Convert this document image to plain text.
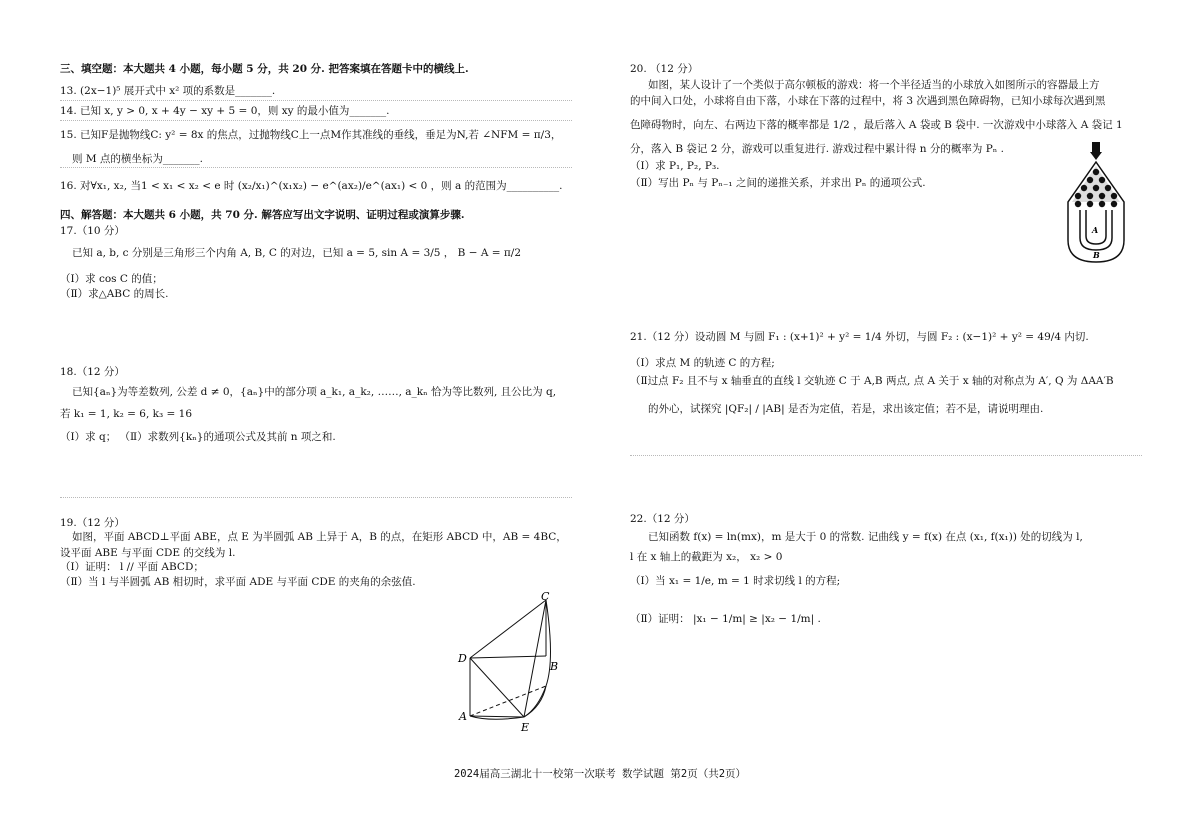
三、填空题：本大题共 4 小题，每小题 5 分，共 20 分. 把答案填在答题卡中的横线上.
13. (2x−1)⁵ 展开式中 x² 项的系数是_______.
14. 已知 x, y > 0, x + 4y − xy + 5 = 0，则 xy 的最小值为_______.
15. 已知F是抛物线C: y² = 8x 的焦点，过抛物线C上一点M作其准线的垂线，垂足为N,若 ∠NFM = π/3，
则 M 点的横坐标为_______.
16. 对∀x₁, x₂, 当1 < x₁ < x₂ < e 时 (x₂/x₁)^(x₁x₂) − e^(ax₂)/e^(ax₁) < 0 ，则 a 的范围为__________.
四、解答题：本大题共 6 小题，共 70 分. 解答应写出文字说明、证明过程或演算步骤.
17.（10 分）
已知 a, b, c 分别是三角形三个内角 A, B, C 的对边，已知 a = 5, sin A = 3/5 ， B − A = π/2
（Ⅰ）求 cos C 的值；
（Ⅱ）求△ABC 的周长.
18.（12 分）
已知{aₙ}为等差数列, 公差 d ≠ 0，{aₙ}中的部分项 a_k₁, a_k₂, ……, a_kₙ 恰为等比数列, 且公比为 q,
若 k₁ = 1, k₂ = 6, k₃ = 16
（Ⅰ）求 q； （Ⅱ）求数列{kₙ}的通项公式及其前 n 项之和.
19.（12 分）
如图，平面 ABCD⊥平面 ABE，点 E 为半圆弧 AB 上异于 A，B 的点，在矩形 ABCD 中，AB = 4BC，
设平面 ABE 与平面 CDE 的交线为 l.
（Ⅰ）证明： l // 平面 ABCD；
（Ⅱ）当 l 与半圆弧 AB 相切时，求平面 ADE 与平面 CDE 的夹角的余弦值.
C
D
B
A
E
20. （12 分）
如图，某人设计了一个类似于高尔顿板的游戏：将一个半径适当的小球放入如图所示的容器最上方
的中间入口处，小球将自由下落，小球在下落的过程中，将 3 次遇到黑色障碍物，已知小球每次遇到黑
色障碍物时，向左、右两边下落的概率都是 1/2 ，最后落入 A 袋或 B 袋中. 一次游戏中小球落入 A 袋记 1
分，落入 B 袋记 2 分，游戏可以重复进行. 游戏过程中累计得 n 分的概率为 Pₙ .
（Ⅰ）求 P₁, P₂, P₃.
（Ⅱ）写出 Pₙ 与 Pₙ₋₁ 之间的递推关系，并求出 Pₙ 的通项公式.
21.（12 分）设动圆 M 与圆 F₁ : (x+1)² + y² = 1/4 外切，与圆 F₂ : (x−1)² + y² = 49/4 内切.
（Ⅰ）求点 M 的轨迹 C 的方程;
（Ⅱ过点 F₂ 且不与 x 轴垂直的直线 l 交轨迹 C 于 A,B 两点, 点 A 关于 x 轴的对称点为 A′, Q 为 ΔAA′B
的外心，试探究 |QF₂| / |AB| 是否为定值，若是，求出该定值；若不是，请说明理由.
22.（12 分）
已知函数 f(x) = ln(mx)，m 是大于 0 的常数. 记曲线 y = f(x) 在点 (x₁, f(x₁)) 处的切线为 l,
l 在 x 轴上的截距为 x₂， x₂ > 0
（Ⅰ）当 x₁ = 1/e, m = 1 时求切线 l 的方程;
（Ⅱ）证明： |x₁ − 1/m| ≥ |x₂ − 1/m| .
A
B
2024届高三湖北十一校第一次联考 数学试题 第2页（共2页）
